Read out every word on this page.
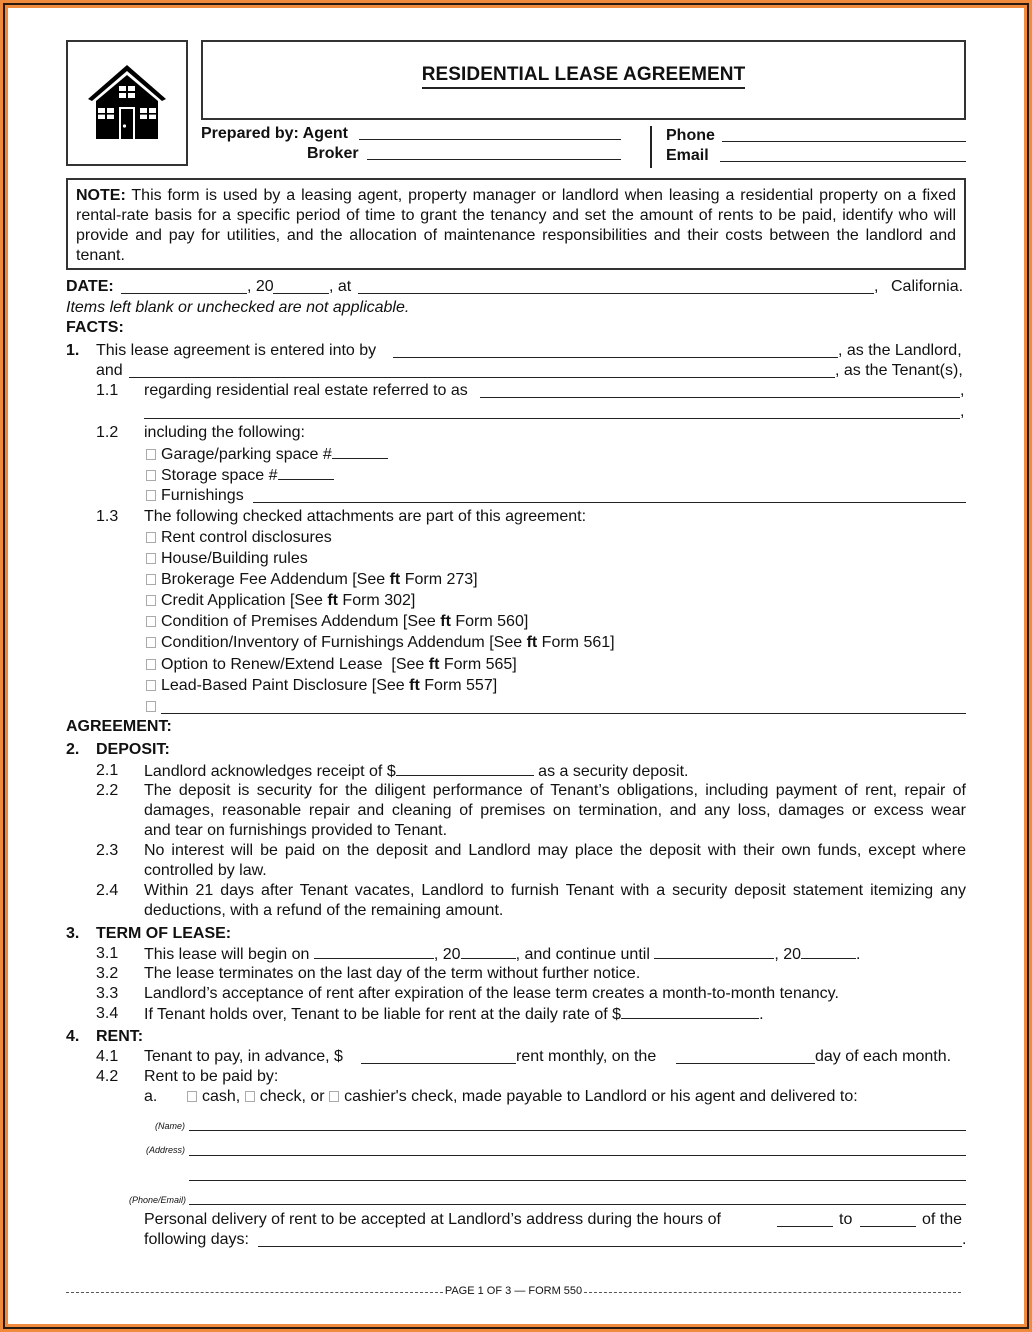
RESIDENTIAL LEASE AGREEMENT
Prepared by: Agent
Broker
Phone
Email
NOTE: This form is used by a leasing agent, property manager or landlord when leasing a residential property on a fixed rental-rate basis for a specific period of time to grant the tenancy and set the amount of rents to be paid, identify who will provide and pay for utilities, and the allocation of maintenance responsibilities and their costs between the landlord and tenant.
DATE:	, 20	, at	, California.
Items left blank or unchecked are not applicable.
FACTS:
1. This lease agreement is entered into by	, as the Landlord,
and	, as the Tenant(s),
1.1 regarding residential real estate referred to as	,
,
1.2 including the following:
Garage/parking space #
Storage space #
Furnishings
1.3 The following checked attachments are part of this agreement:
Rent control disclosures
House/Building rules
Brokerage Fee Addendum [See ft Form 273]
Credit Application [See ft Form 302]
Condition of Premises Addendum [See ft Form 560]
Condition/Inventory of Furnishings Addendum [See ft Form 561]
Option to Renew/Extend Lease  [See ft Form 565]
Lead-Based Paint Disclosure [See ft Form 557]
AGREEMENT:
2. DEPOSIT:
2.1 Landlord acknowledges receipt of $	as a security deposit.
2.2 The deposit is security for the diligent performance of Tenant’s obligations, including payment of rent, repair of
damages, reasonable repair and cleaning of premises on termination, and any loss, damages or excess wear
and tear on furnishings provided to Tenant.
2.3 No interest will be paid on the deposit and Landlord may place the deposit with their own funds, except where
controlled by law.
2.4 Within 21 days after Tenant vacates, Landlord to furnish Tenant with a security deposit statement itemizing any
deductions, with a refund of the remaining amount.
3. TERM OF LEASE:
3.1 This lease will begin on	, 20	, and continue until	, 20	.
3.2 The lease terminates on the last day of the term without further notice.
3.3 Landlord’s acceptance of rent after expiration of the lease term creates a month-to-month tenancy.
3.4 If Tenant holds over, Tenant to be liable for rent at the daily rate of $	.
4. RENT:
4.1 Tenant to pay, in advance, $	rent monthly, on the	day of each month.
4.2 Rent to be paid by:
a.	cash, check, or cashier's check, made payable to Landlord or his agent and delivered to:
(Name)
(Address)
(Phone/Email)
Personal delivery of rent to be accepted at Landlord’s address during the hours of	to	of the
following days:	.
PAGE 1 OF 3 — FORM 550
